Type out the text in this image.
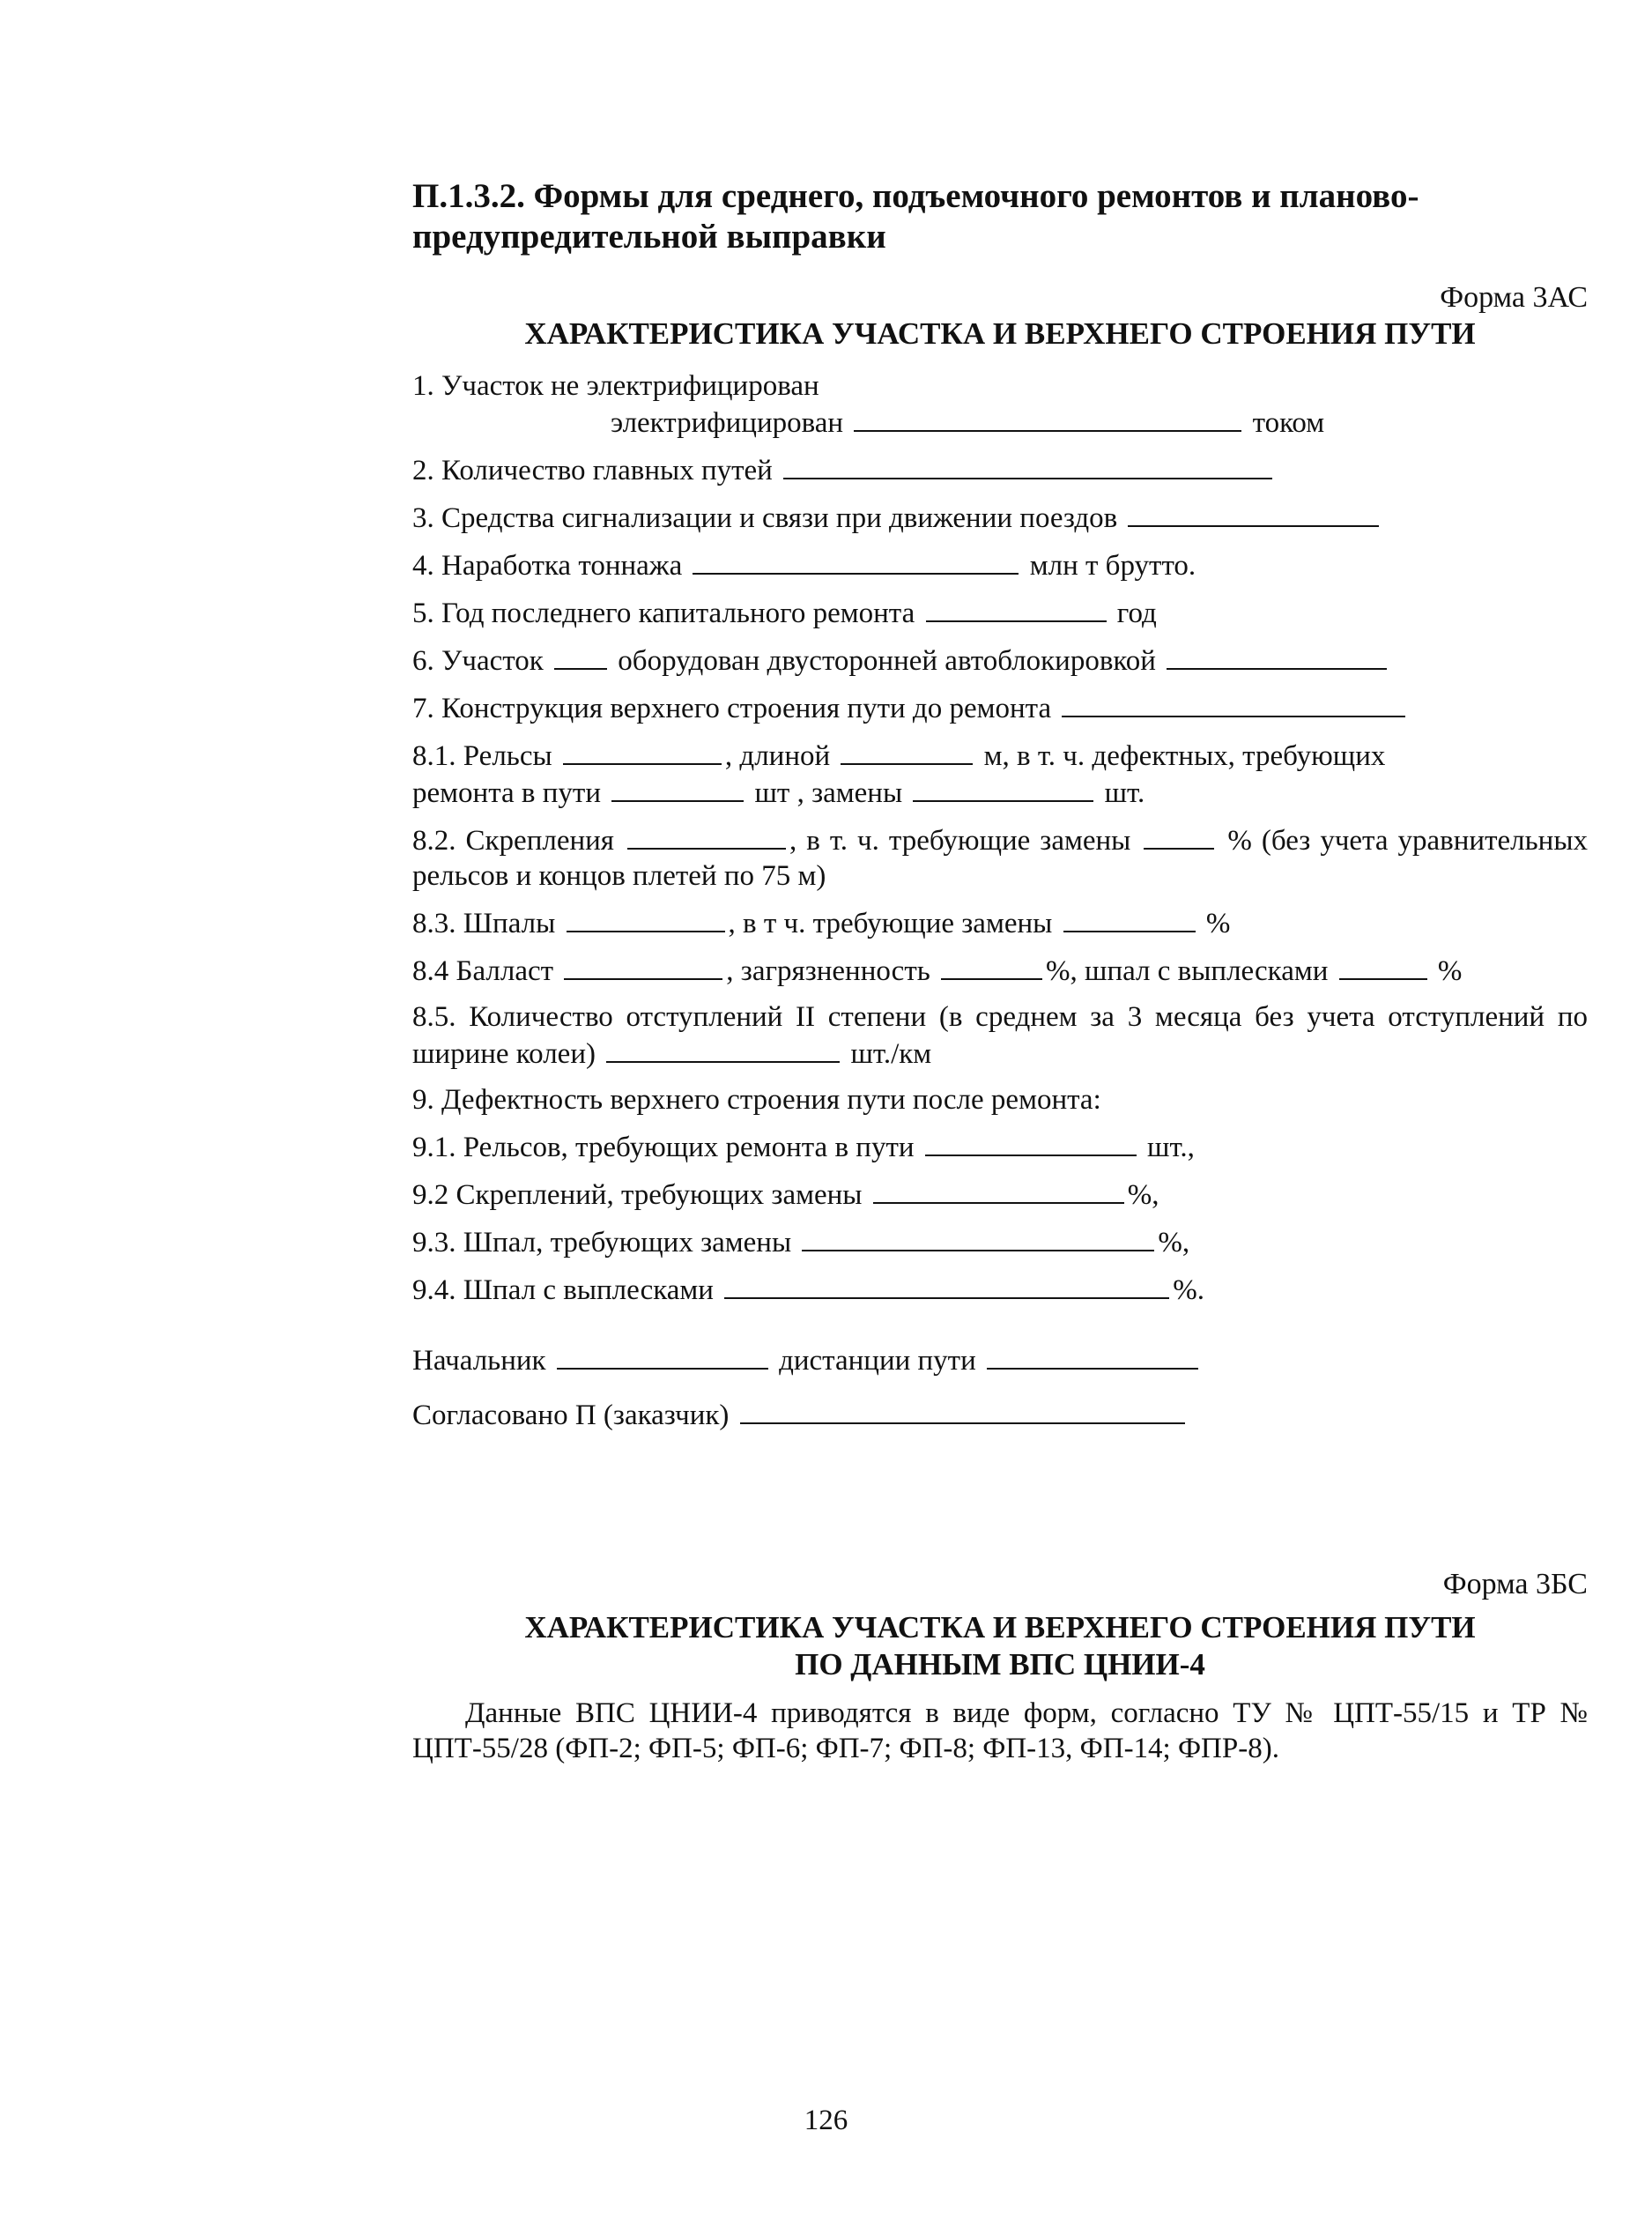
П.1.3.2. Формы для среднего, подъемочного ремонтов и планово-предупредительной выправки

Форма 3АС
ХАРАКТЕРИСТИКА УЧАСТКА И ВЕРХНЕГО СТРОЕНИЯ ПУТИ
1. Участок не электрифицирован
электрифицирован	током
2. Количество главных путей
3. Средства сигнализации и связи при движении поездов
4. Наработка тоннажа	млн т брутто.
5. Год последнего капитального ремонта	год
6. Участок	оборудован двусторонней автоблокировкой
7. Конструкция верхнего строения пути до ремонта
8.1. Рельсы	, длиной	м, в т. ч. дефектных, требующих
ремонта в пути	шт , замены	шт.
8.2. Скрепления	, в т. ч. требующие замены	% (без учета уравнительных рельсов и концов плетей по 75 м)
8.3. Шпалы	, в т ч. требующие замены	%
8.4 Балласт	, загрязненность	%, шпал с выплесками	%
8.5. Количество отступлений II степени (в среднем за 3 месяца без учета отступлений по ширине колеи)	шт./км
9. Дефектность верхнего строения пути после ремонта:
9.1. Рельсов, требующих ремонта в пути	шт.,
9.2 Скреплений, требующих замены	%,
9.3. Шпал, требующих замены	%,
9.4. Шпал с выплесками	%.
Начальник	дистанции пути
Согласовано П (заказчик)
Форма 3БС
ХАРАКТЕРИСТИКА УЧАСТКА И ВЕРХНЕГО СТРОЕНИЯ ПУТИ
ПО ДАННЫМ ВПС ЦНИИ-4
Данные ВПС ЦНИИ-4 приводятся в виде форм, согласно ТУ № ЦПТ-55/15 и ТР № ЦПТ-55/28 (ФП-2; ФП-5; ФП-6; ФП-7; ФП-8; ФП-13, ФП-14; ФПР-8).
126
